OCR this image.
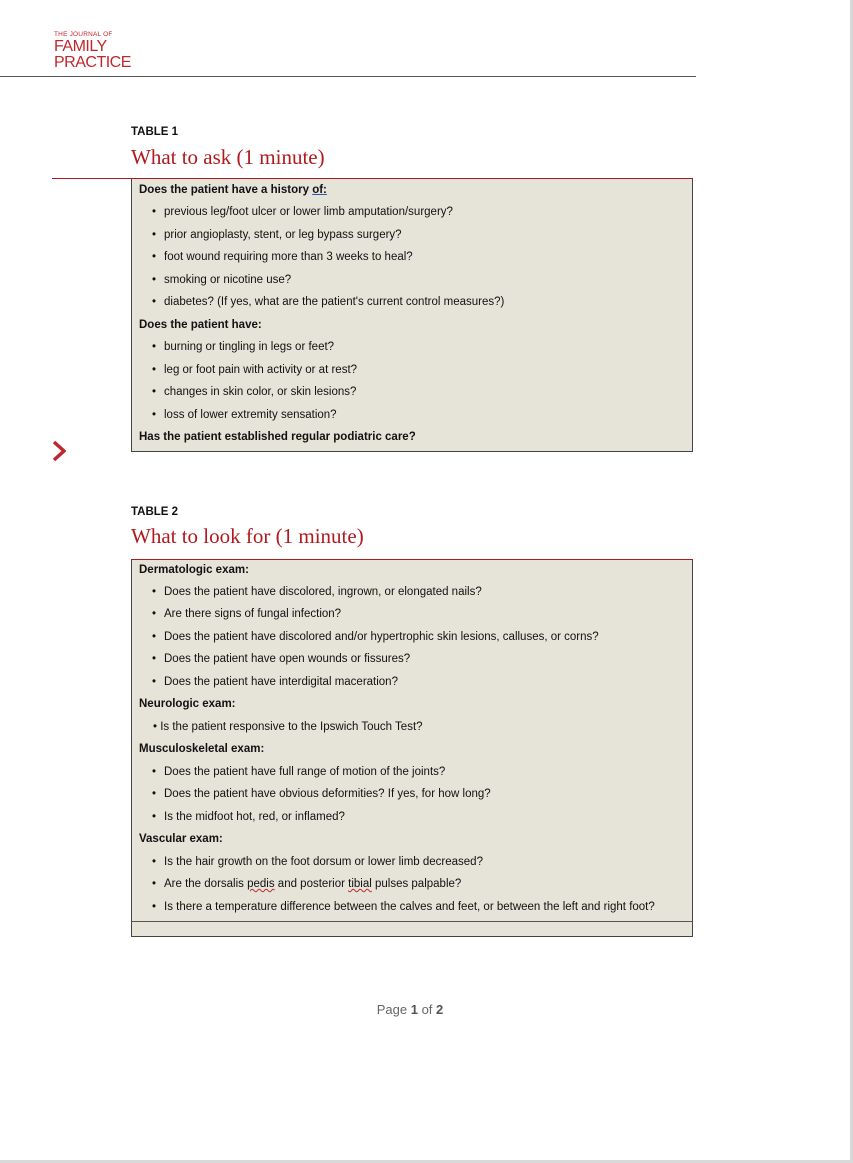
THE JOURNAL OF
FAMILY
PRACTICE
TABLE 1
What to ask (1 minute)
Does the patient have a history of:
• previous leg/foot ulcer or lower limb amputation/surgery?
• prior angioplasty, stent, or leg bypass surgery?
• foot wound requiring more than 3 weeks to heal?
• smoking or nicotine use?
• diabetes? (If yes, what are the patient's current control measures?)
Does the patient have:
• burning or tingling in legs or feet?
• leg or foot pain with activity or at rest?
• changes in skin color, or skin lesions?
• loss of lower extremity sensation?
Has the patient established regular podiatric care?
TABLE 2
What to look for (1 minute)
Dermatologic exam:
• Does the patient have discolored, ingrown, or elongated nails?
• Are there signs of fungal infection?
• Does the patient have discolored and/or hypertrophic skin lesions, calluses, or corns?
• Does the patient have open wounds or fissures?
• Does the patient have interdigital maceration?
Neurologic exam:
• Is the patient responsive to the Ipswich Touch Test?
Musculoskeletal exam:
• Does the patient have full range of motion of the joints?
• Does the patient have obvious deformities? If yes, for how long?
• Is the midfoot hot, red, or inflamed?
Vascular exam:
• Is the hair growth on the foot dorsum or lower limb decreased?
• Are the dorsalis pedis and posterior tibial pulses palpable?
• Is there a temperature difference between the calves and feet, or between the left and right foot?
Page 1 of 2
